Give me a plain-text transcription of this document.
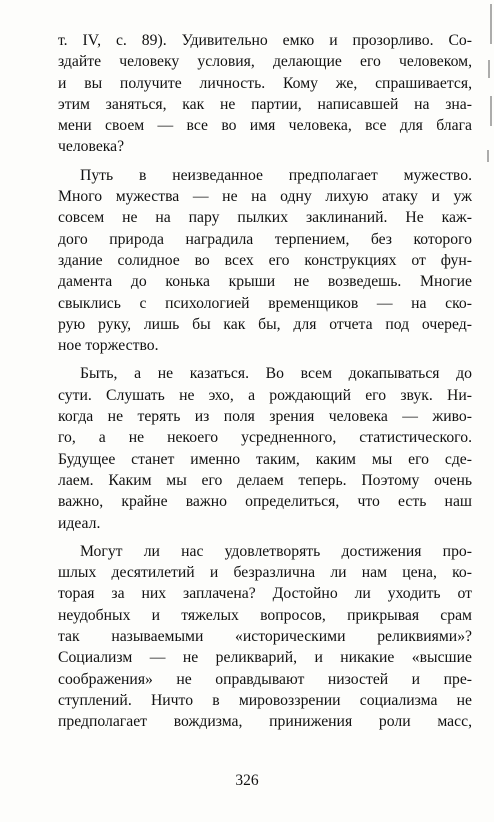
т. IV, с. 89). Удивительно емко и прозорливо. Со-
здайте человеку условия, делающие его человеком,
и вы получите личность. Кому же, спрашивается,
этим заняться, как не партии, написавшей на зна-
мени своем — все во имя человека, все для блага
человека?
Путь в неизведанное предполагает мужество.
Много мужества — не на одну лихую атаку и уж
совсем не на пару пылких заклинаний. Не каж-
дого природа наградила терпением, без которого
здание солидное во всех его конструкциях от фун-
дамента до конька крыши не возведешь. Многие
свыклись с психологией временщиков — на ско-
рую руку, лишь бы как бы, для отчета под очеред-
ное торжество.
Быть, а не казаться. Во всем докапываться до
сути. Слушать не эхо, а рождающий его звук. Ни-
когда не терять из поля зрения человека — живо-
го, а не некоего усредненного, статистического.
Будущее станет именно таким, каким мы его сде-
лаем. Каким мы его делаем теперь. Поэтому очень
важно, крайне важно определиться, что есть наш
идеал.
Могут ли нас удовлетворять достижения про-
шлых десятилетий и безразлична ли нам цена, ко-
торая за них заплачена? Достойно ли уходить от
неудобных и тяжелых вопросов, прикрывая срам
так называемыми «историческими реликвиями»?
Социализм — не реликварий, и никакие «высшие
соображения» не оправдывают низостей и пре-
ступлений. Ничто в мировоззрении социализма не
предполагает вождизма, принижения роли масс,
326
